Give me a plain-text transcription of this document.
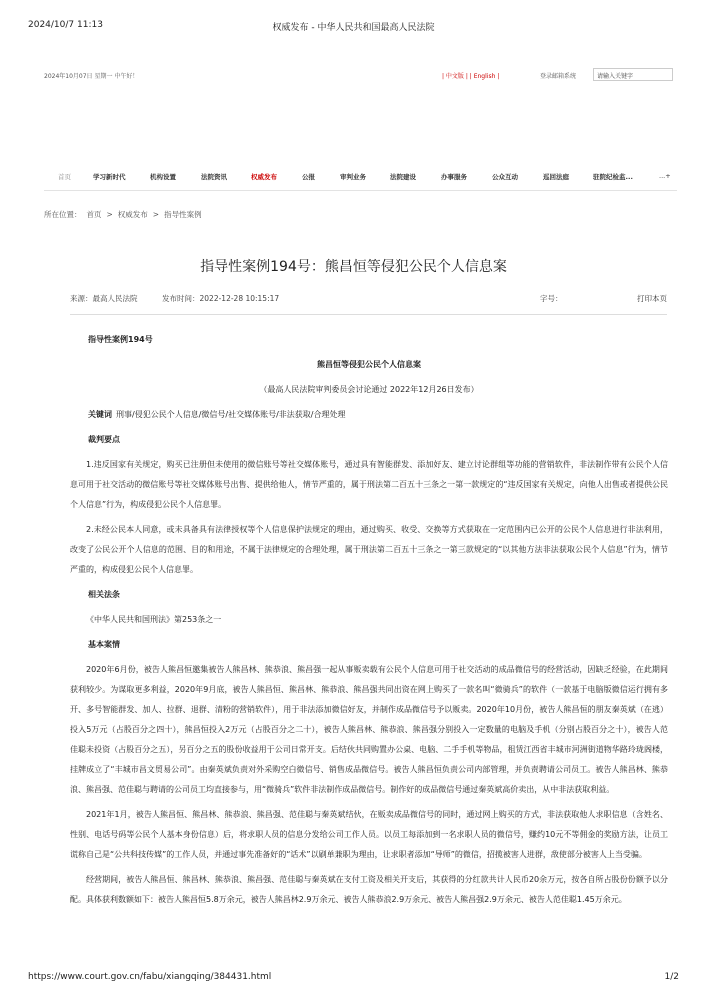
2024/10/7 11:13	权威发布 - 中华人民共和国最高人民法院
2024年10月07日 星期一 中午好！	| 中文版 | | English |	登录邮箱系统	请输入关键字
首页	学习新时代	机构设置	法院资讯	权威发布	公报	审判业务	法院建设	办事服务	公众互动	巡回法庭	驻院纪检监...	...+
所在位置： 首页 > 权威发布 > 指导性案例
指导性案例194号：熊昌恒等侵犯公民个人信息案
来源：最高人民法院	发布时间：2022-12-28 10:15:17	字号：	打印本页

指导性案例194号

熊昌恒等侵犯公民个人信息案

（最高人民法院审判委员会讨论通过 2022年12月26日发布）

关键词 刑事/侵犯公民个人信息/微信号/社交媒体账号/非法获取/合理处理

裁判要点

1.违反国家有关规定，购买已注册但未使用的微信账号等社交媒体账号，通过具有智能群发、添加好友、建立讨论群组等功能的营销软件，非法制作带有公民个人信息可用于社交活动的微信账号等社交媒体账号出售、提供给他人，情节严重的，属于刑法第二百五十三条之一第一款规定的“违反国家有关规定，向他人出售或者提供公民个人信息”行为，构成侵犯公民个人信息罪。

2.未经公民本人同意，或未具备具有法律授权等个人信息保护法规定的理由，通过购买、收受、交换等方式获取在一定范围内已公开的公民个人信息进行非法利用，改变了公民公开个人信息的范围、目的和用途，不属于法律规定的合理处理，属于刑法第二百五十三条之一第三款规定的“以其他方法非法获取公民个人信息”行为，情节严重的，构成侵犯公民个人信息罪。

相关法条

《中华人民共和国刑法》第253条之一

基本案情

2020年6月份，被告人熊昌恒邀集被告人熊昌林、熊恭浪、熊昌强一起从事贩卖载有公民个人信息可用于社交活动的成品微信号的经营活动，因缺乏经验，在此期间获利较少。为谋取更多利益，2020年9月底，被告人熊昌恒、熊昌林、熊恭浪、熊昌强共同出资在网上购买了一款名叫“微骑兵”的软件（一款基于电脑版微信运行拥有多开、多号智能群发、加人、拉群、退群、清粉的营销软件），用于非法添加微信好友，并制作成品微信号予以贩卖。2020年10月份，被告人熊昌恒的朋友秦英斌（在逃）投入5万元（占股百分之四十），熊昌恒投入2万元（占股百分之二十），被告人熊昌林、熊恭浪、熊昌强分别投入一定数量的电脑及手机（分别占股百分之十），被告人范佳聪未投资（占股百分之五），另百分之五的股份收益用于公司日常开支。后结伙共同购置办公桌、电脑、二手手机等物品，租赁江西省丰城市河洲街道物华路玲珑阁楼，挂牌成立了“丰城市昌文贸易公司”。由秦英斌负责对外采购空白微信号、销售成品微信号。被告人熊昌恒负责公司内部管理，并负责聘请公司员工。被告人熊昌林、熊恭浪、熊昌强、范佳聪与聘请的公司员工均直接参与，用“微骑兵”软件非法制作成品微信号。制作好的成品微信号通过秦英斌高价卖出，从中非法获取利益。

2021年1月，被告人熊昌恒、熊昌林、熊恭浪、熊昌强、范佳聪与秦英斌结伙，在贩卖成品微信号的同时，通过网上购买的方式，非法获取他人求职信息（含姓名、性别、电话号码等公民个人基本身份信息）后，将求职人员的信息分发给公司工作人员。以员工每添加到一名求职人员的微信号，赚约10元不等佣金的奖励方法，让员工谎称自己是“公共科技传媒”的工作人员，并通过事先准备好的“话术”以刷单兼职为理由，让求职者添加“导师”的微信，招揽被害人进群，敌使部分被害人上当受骗。

经营期间，被告人熊昌恒、熊昌林、熊恭浪、熊昌强、范佳聪与秦英斌在支付工资及相关开支后，其获得的分红款共计人民币20余万元，按各自所占股份份额予以分配。具体获利数额如下：被告人熊昌恒5.8万余元，被告人熊昌林2.9万余元、被告人熊恭浪2.9万余元、被告人熊昌强2.9万余元、被告人范佳聪1.45万余元。

https://www.court.gov.cn/fabu/xiangqing/384431.html	1/2
